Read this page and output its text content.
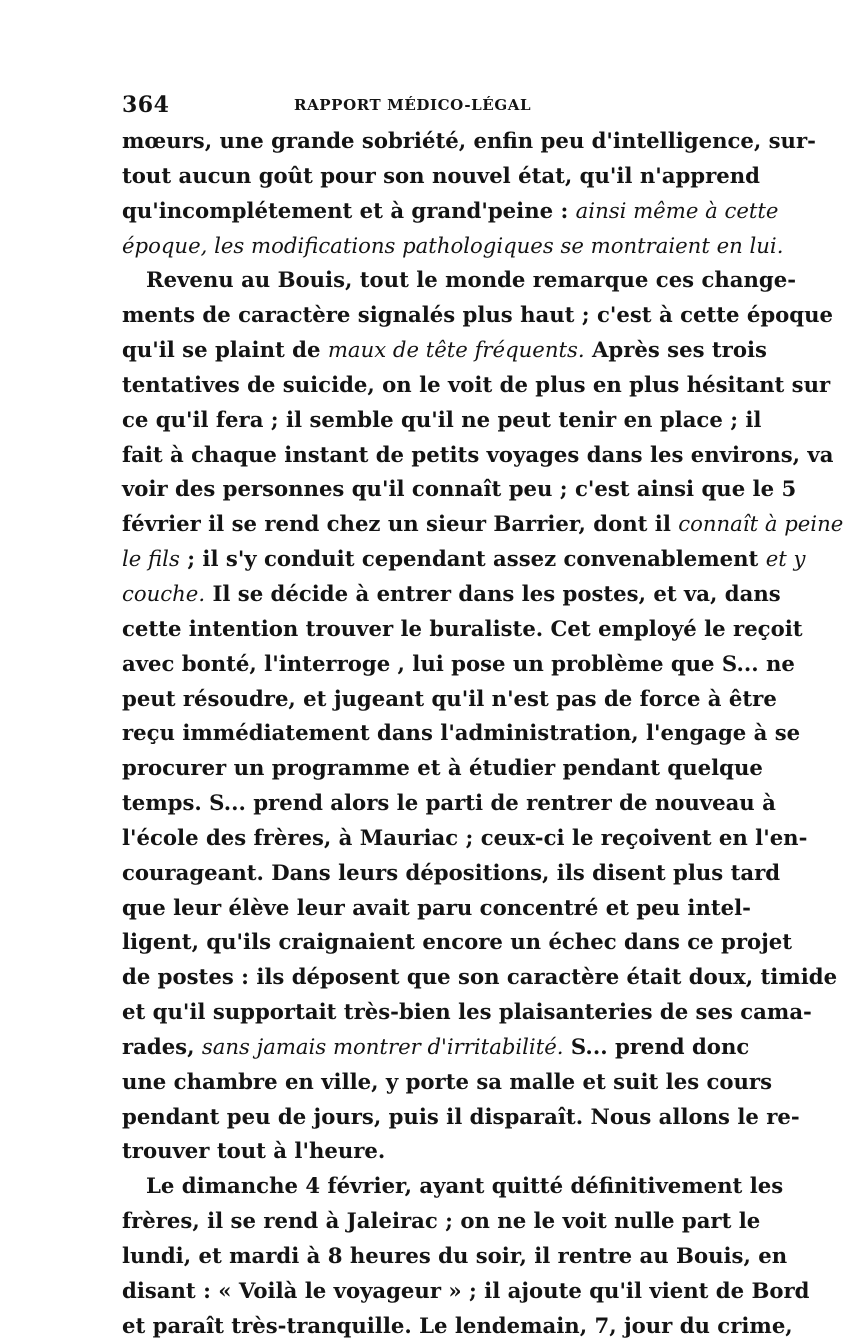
364	RAPPORT MÉDICO-LÉGAL
mœurs, une grande sobriété, enfin peu d'intelligence, sur-
tout aucun goût pour son nouvel état, qu'il n'apprend
qu'incomplétement et à grand'peine : ainsi même à cette
époque, les modifications pathologiques se montraient en lui.
Revenu au Bouis, tout le monde remarque ces change-
ments de caractère signalés plus haut ; c'est à cette époque
qu'il se plaint de maux de tête fréquents. Après ses trois
tentatives de suicide, on le voit de plus en plus hésitant sur
ce qu'il fera ; il semble qu'il ne peut tenir en place ; il
fait à chaque instant de petits voyages dans les environs, va
voir des personnes qu'il connaît peu ; c'est ainsi que le 5
février il se rend chez un sieur Barrier, dont il connaît à peine
le fils ; il s'y conduit cependant assez convenablement et y
couche. Il se décide à entrer dans les postes, et va, dans
cette intention trouver le buraliste. Cet employé le reçoit
avec bonté, l'interroge , lui pose un problème que S... ne
peut résoudre, et jugeant qu'il n'est pas de force à être
reçu immédiatement dans l'administration, l'engage à se
procurer un programme et à étudier pendant quelque
temps. S... prend alors le parti de rentrer de nouveau à
l'école des frères, à Mauriac ; ceux-ci le reçoivent en l'en-
courageant. Dans leurs dépositions, ils disent plus tard
que leur élève leur avait paru concentré et peu intel-
ligent, qu'ils craignaient encore un échec dans ce projet
de postes : ils déposent que son caractère était doux, timide
et qu'il supportait très-bien les plaisanteries de ses cama-
rades, sans jamais montrer d'irritabilité. S... prend donc
une chambre en ville, y porte sa malle et suit les cours
pendant peu de jours, puis il disparaît. Nous allons le re-
trouver tout à l'heure.
Le dimanche 4 février, ayant quitté définitivement les
frères, il se rend à Jaleirac ; on ne le voit nulle part le
lundi, et mardi à 8 heures du soir, il rentre au Bouis, en
disant : « Voilà le voyageur » ; il ajoute qu'il vient de Bord
et paraît très-tranquille. Le lendemain, 7, jour du crime,
